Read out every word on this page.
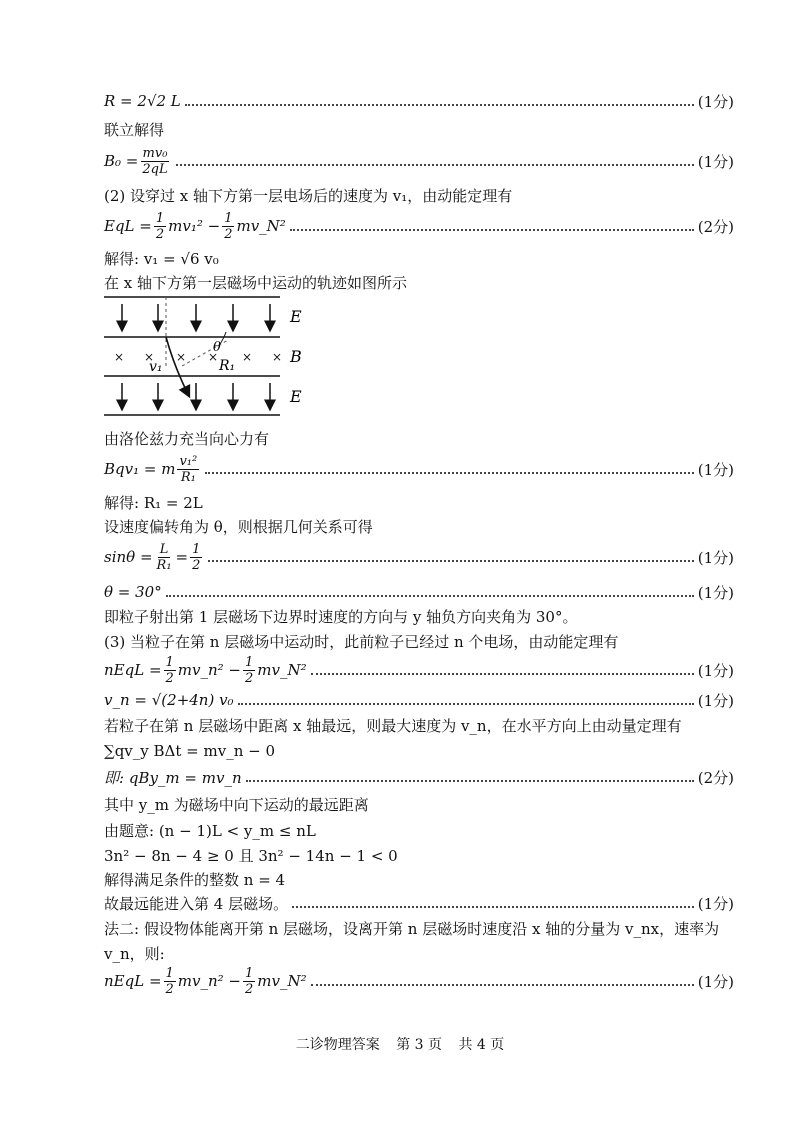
R = 2√2 L	(1分)
联立解得
$B_0 = \frac{\text{mv₀}}{2qL}$	(1分)
(2) 设穿过 x 轴下方第一层电场后的速度为 v₁，由动能定理有
EqL = $\frac{1}{2} mv_1^2 - \frac{1}{2}$ mv_N²	(2分)
解得: v₁ = √6 v₀
在 x 轴下方第一层磁场中运动的轨迹如图所示
× × × × × ×
E
B
E
v₁	R₁
θ
由洛伦兹力充当向心力有
Bqv₁ = m $\frac{\text{v₁²}}{\text{R₁}}$	(1分)
解得: R₁ = 2L
设速度偏转角为 θ，则根据几何关系可得
$\sin\theta = \frac{L}{\text{R₁}} = \frac{1}{2}$	(1分)
θ = 30°	(1分)
即粒子射出第 1 层磁场下边界时速度的方向与 y 轴负方向夹角为 30°。
(3) 当粒子在第 n 层磁场中运动时，此前粒子已经过 n 个电场，由动能定理有
nEqL = $\frac{1}{2}$ mv_n² − $\frac{1}{2}$ mv_N²	(1分)
v_n = √(2+4n) v₀	(1分)
若粒子在第 n 层磁场中距离 x 轴最远，则最大速度为 v_n，在水平方向上由动量定理有
∑qv_y BΔt = mv_n − 0
即: qBy_m = mv_n	(2分)
其中 y_m 为磁场中向下运动的最远距离
由题意: (n − 1)L < y_m ≤ nL
3n² − 8n − 4 ≥ 0 且 3n² − 14n − 1 < 0
解得满足条件的整数 n = 4
故最远能进入第 4 层磁场。	(1分)
法二: 假设物体能离开第 n 层磁场，设离开第 n 层磁场时速度沿 x 轴的分量为 v_nx，速率为
v_n，则:
nEqL = $\frac{1}{2}$ mv_n² − $\frac{1}{2}$ mv_N²	(1分)
二诊物理答案 第 3 页 共 4 页
